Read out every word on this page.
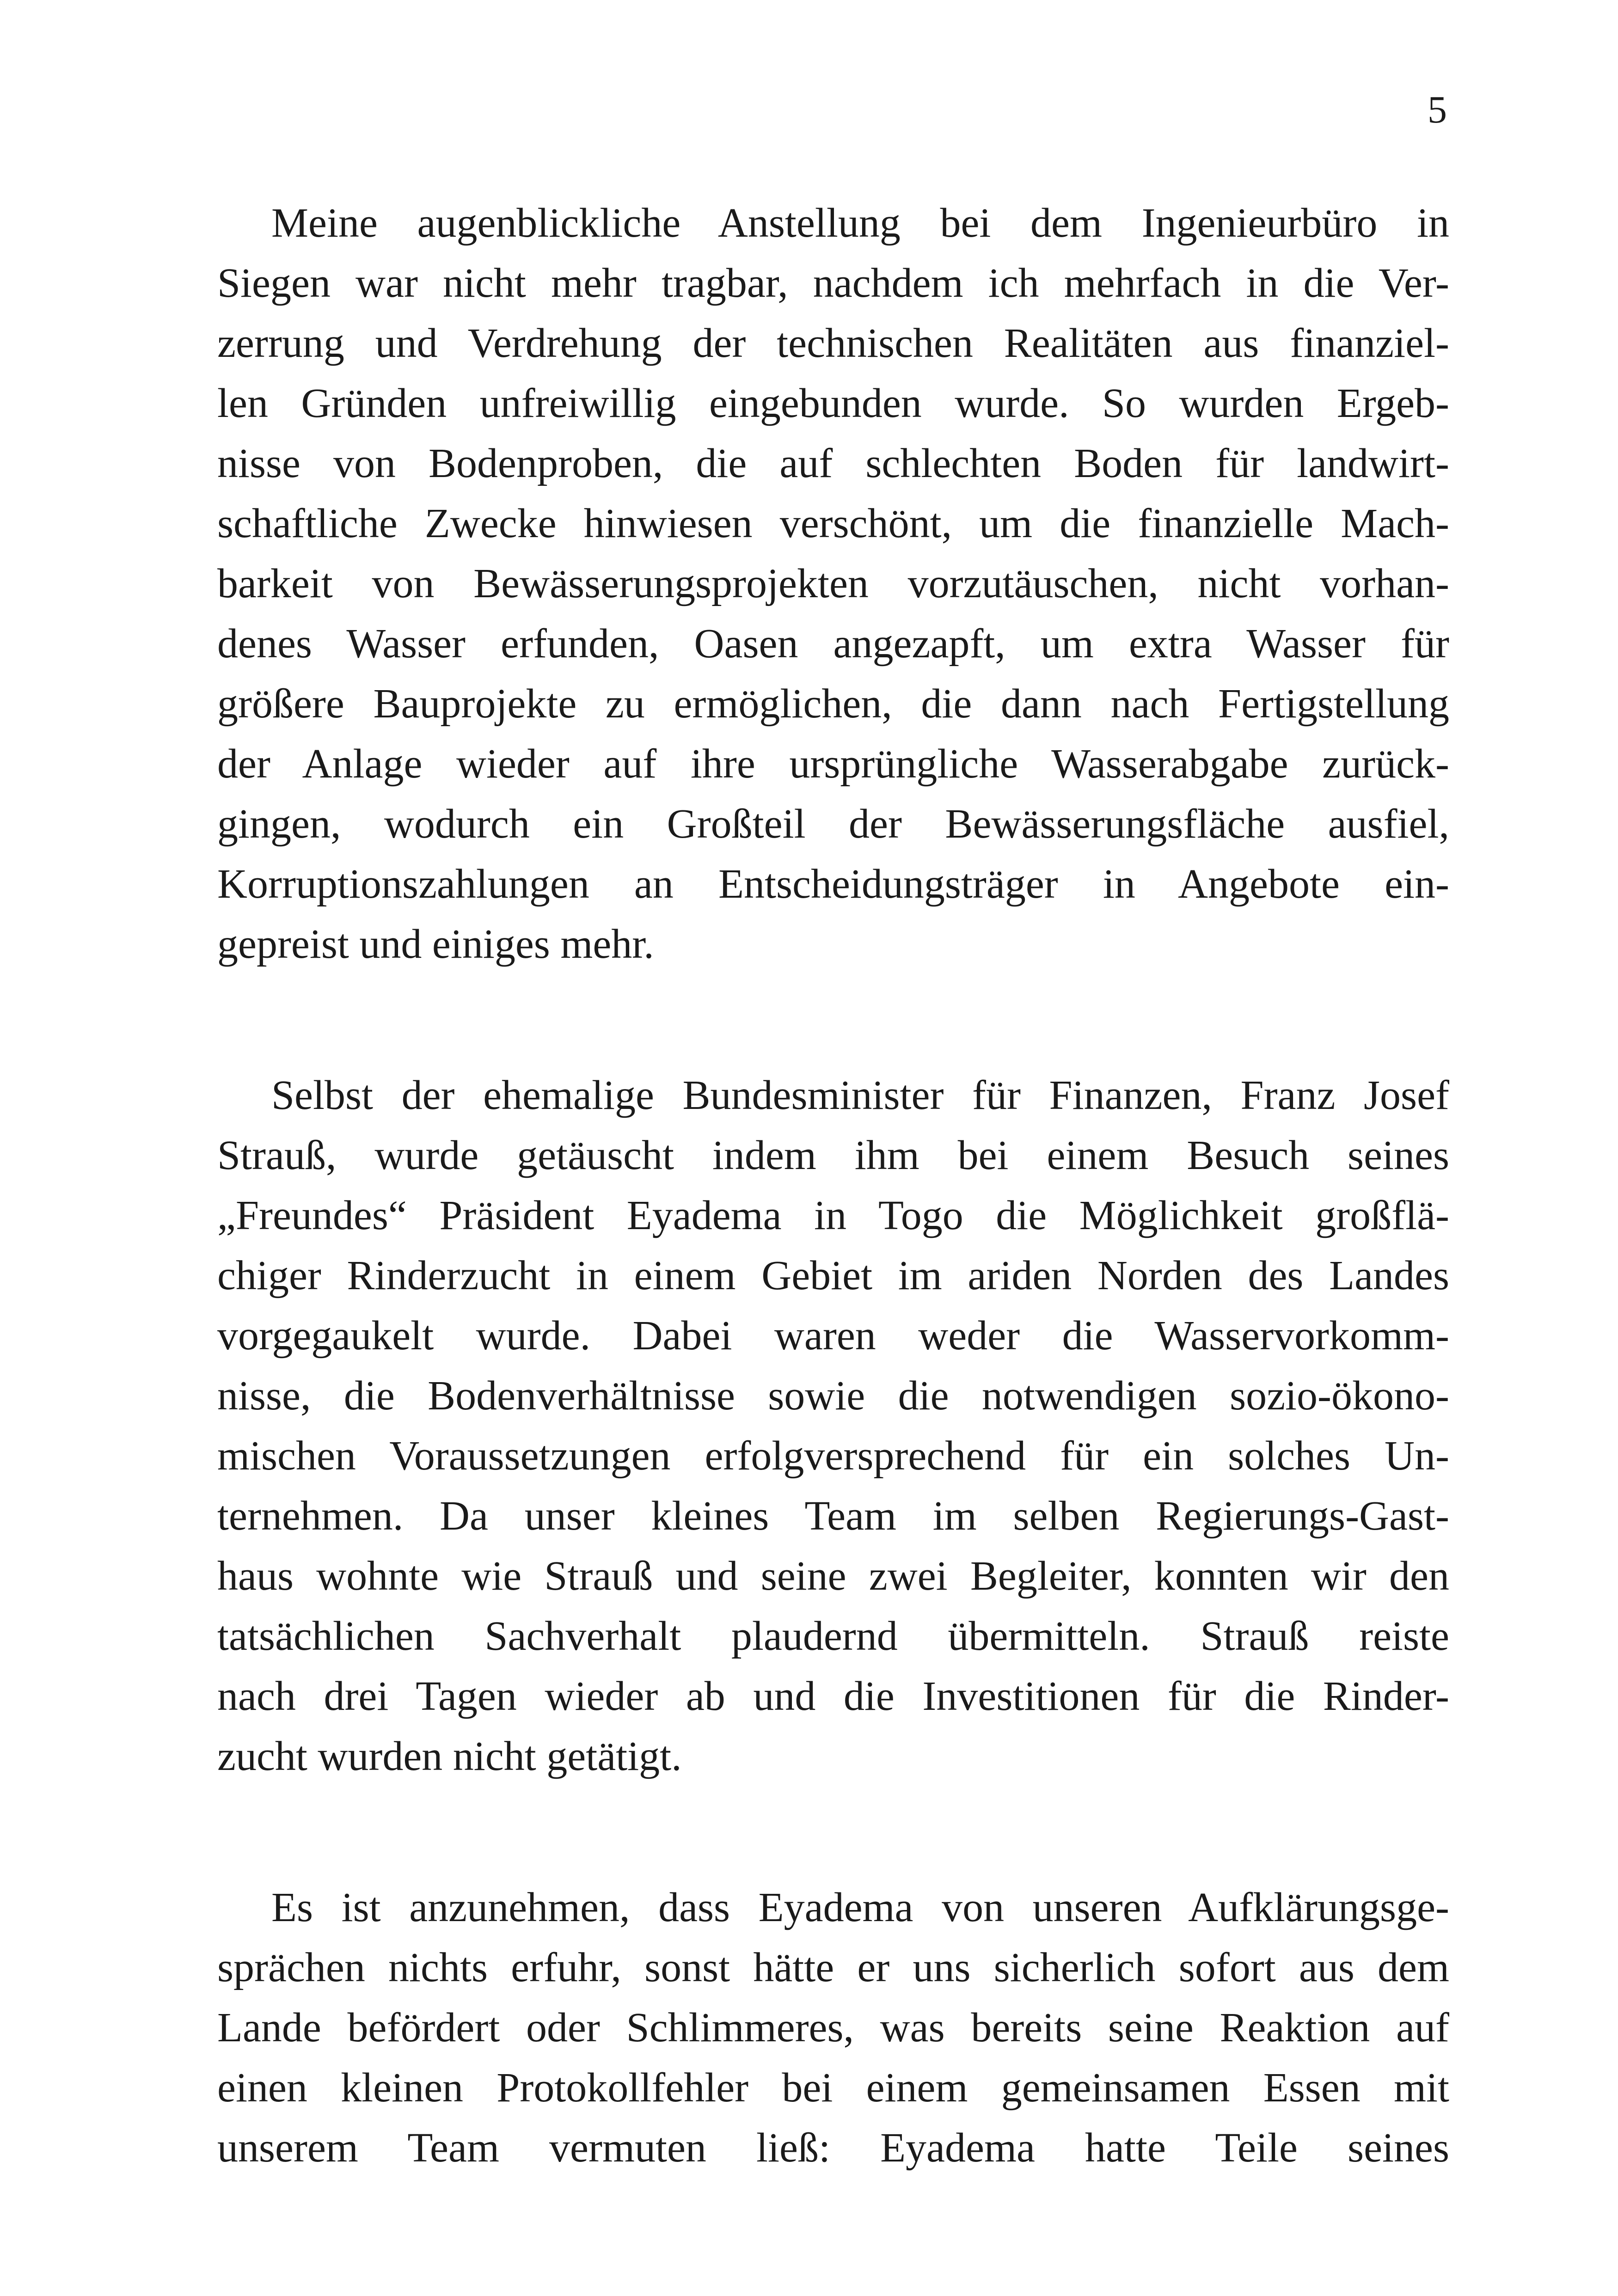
5

Meine augenblickliche Anstellung bei dem Ingenieurbüro in
Siegen war nicht mehr tragbar, nachdem ich mehrfach in die Ver-
zerrung und Verdrehung der technischen Realitäten aus finanziel-
len Gründen unfreiwillig eingebunden wurde. So wurden Ergeb-
nisse von Bodenproben, die auf schlechten Boden für landwirt-
schaftliche Zwecke hinwiesen verschönt, um die finanzielle Mach-
barkeit von Bewässerungsprojekten vorzutäuschen, nicht vorhan-
denes Wasser erfunden, Oasen angezapft, um extra Wasser für
größere Bauprojekte zu ermöglichen, die dann nach Fertigstellung
der Anlage wieder auf ihre ursprüngliche Wasserabgabe zurück-
gingen, wodurch ein Großteil der Bewässerungsfläche ausfiel,
Korruptionszahlungen an Entscheidungsträger in Angebote ein-
gepreist und einiges mehr.

Selbst der ehemalige Bundesminister für Finanzen, Franz Josef
Strauß, wurde getäuscht indem ihm bei einem Besuch seines
„Freundes“ Präsident Eyadema in Togo die Möglichkeit großflä-
chiger Rinderzucht in einem Gebiet im ariden Norden des Landes
vorgegaukelt wurde. Dabei waren weder die Wasservorkomm-
nisse, die Bodenverhältnisse sowie die notwendigen sozio-ökono-
mischen Voraussetzungen erfolgversprechend für ein solches Un-
ternehmen. Da unser kleines Team im selben Regierungs-Gast-
haus wohnte wie Strauß und seine zwei Begleiter, konnten wir den
tatsächlichen Sachverhalt plaudernd übermitteln. Strauß reiste
nach drei Tagen wieder ab und die Investitionen für die Rinder-
zucht wurden nicht getätigt.

Es ist anzunehmen, dass Eyadema von unseren Aufklärungsge-
sprächen nichts erfuhr, sonst hätte er uns sicherlich sofort aus dem
Lande befördert oder Schlimmeres, was bereits seine Reaktion auf
einen kleinen Protokollfehler bei einem gemeinsamen Essen mit
unserem Team vermuten ließ: Eyadema hatte Teile seines
